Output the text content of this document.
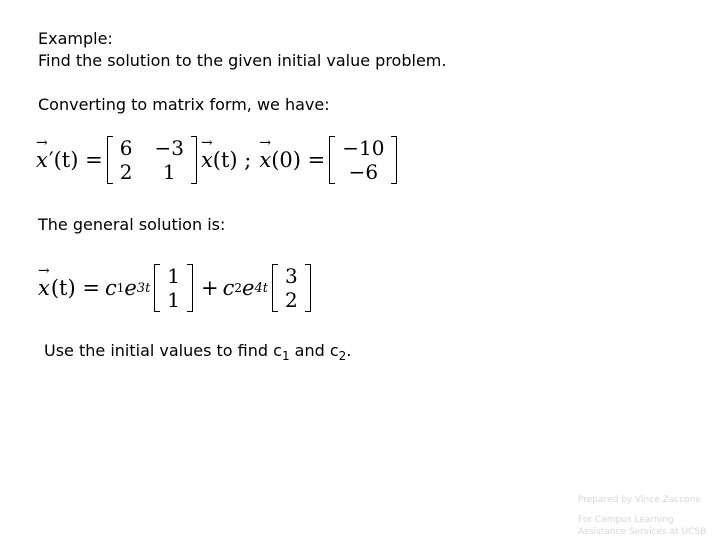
Example:
Find the solution to the given initial value problem.
Converting to matrix form, we have:
→ x ′(t) = 6
2
−3
1 → x (t) ; → x (0) = −10
−6
The general solution is:
→ x (t) = c 1 e 3t 1
1 + c 2 e 4t 3
2
Use the initial values to find $c_1$ and $c_2$.
Prepared by Vince Zaccone
For Campus Learning
Assistance Services at UCSB
